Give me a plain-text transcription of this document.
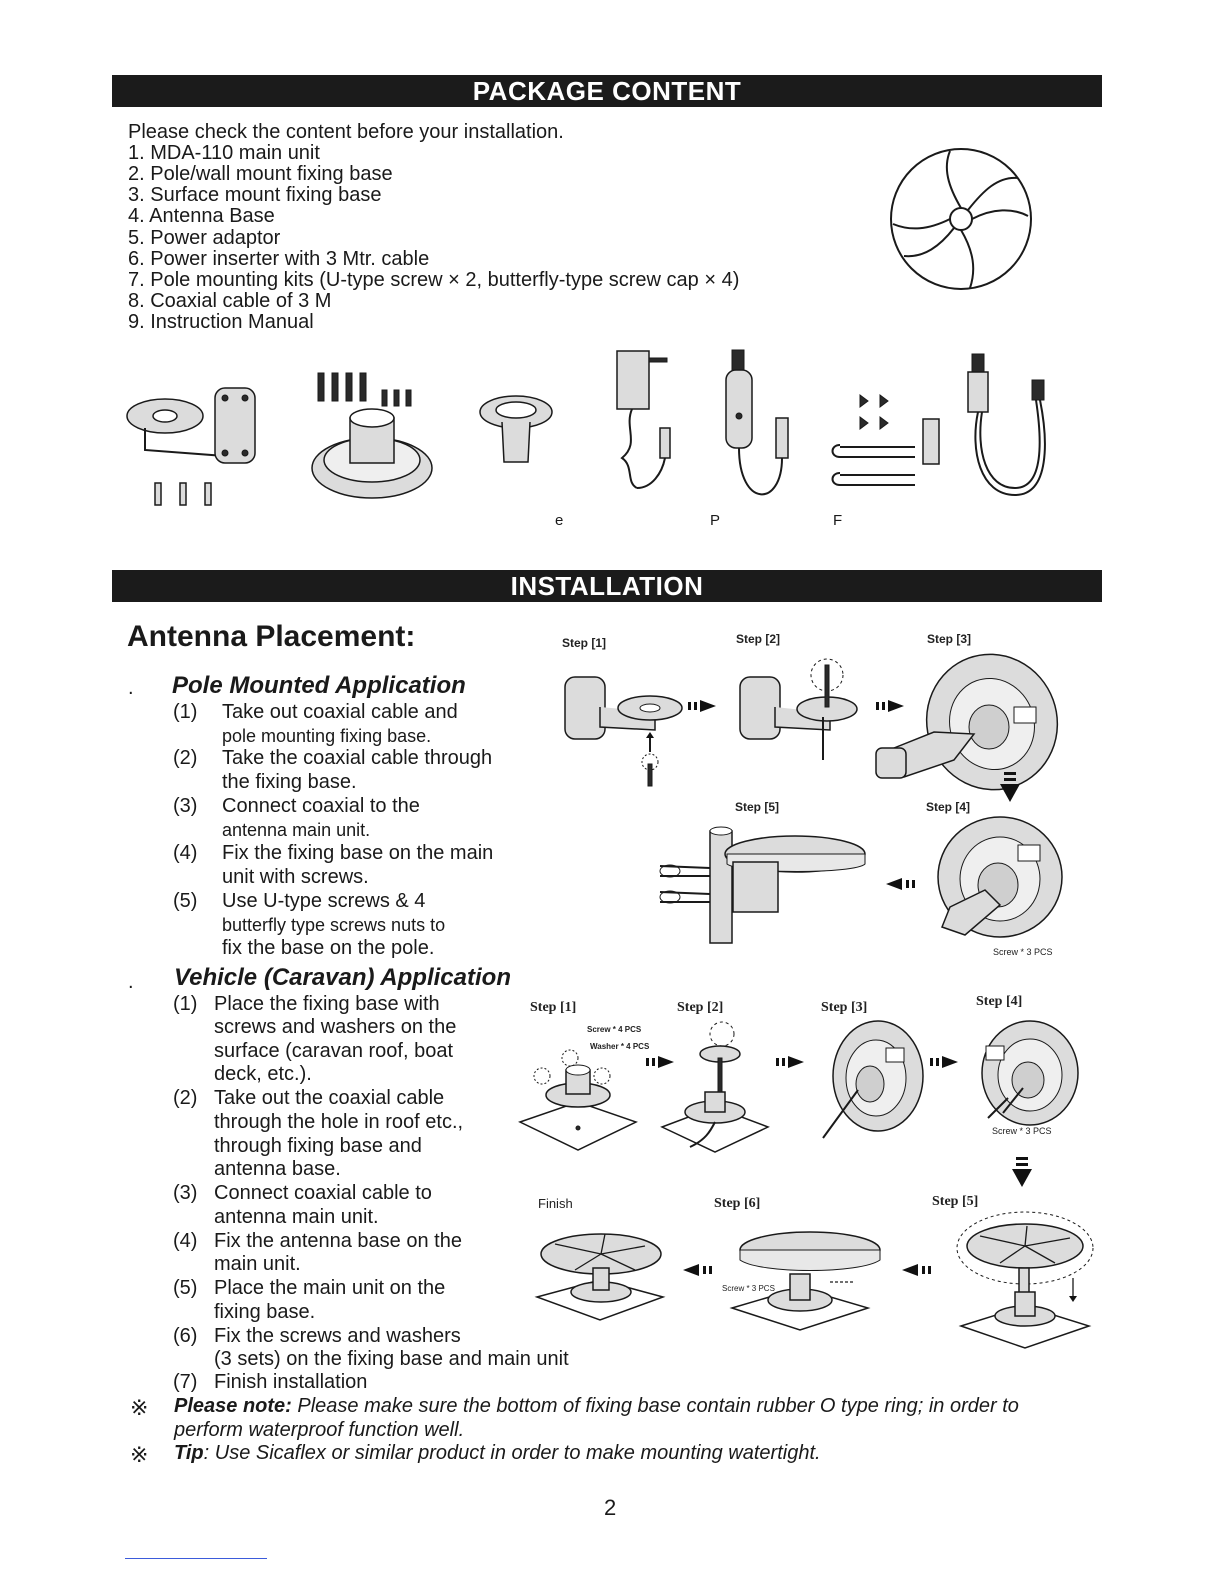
PACKAGE CONTENT
Please check the content before your installation.
1. MDA-110 main unit
2. Pole/wall mount fixing base
3. Surface mount fixing base
4. Antenna Base
5. Power adaptor
6. Power inserter with 3 Mtr. cable
7. Pole mounting kits (U-type screw × 2, butterfly-type screw cap × 4)
8. Coaxial cable of 3 M
9. Instruction Manual
e	P	F
INSTALLATION
Antenna Placement:
. Pole Mounted Application
(1) Take out coaxial cable and
pole mounting fixing base.
(2) Take the coaxial cable through
the fixing base.
(3) Connect coaxial to the
antenna main unit.
(4) Fix the fixing base on the main
unit with screws.
(5) Use U-type screws & 4
butterfly type screws nuts to
fix the base on the pole.
Step [1]	Step [2]	Step [3]
Step [5]	Step [4]
Screw * 3 PCS
. Vehicle (Caravan) Application
(1) Place the fixing base with
screws and washers on the
surface (caravan roof, boat
deck, etc.).
(2) Take out the coaxial cable
through the hole in roof etc.,
through fixing base and
antenna base.
(3) Connect coaxial cable to
antenna main unit.
(4) Fix the antenna base on the
main unit.
(5) Place the main unit on the
fixing base.
(6) Fix the screws and washers
(3 sets) on the fixing base and main unit
(7) Finish installation
Step [1]	Step [2]	Step [3]	Step [4]
Finish	Step [6]	Step [5]
Screw * 4 PCS
Washer * 4 PCS
Screw * 3 PCS
Screw * 3 PCS
※ Please note: Please make sure the bottom of fixing base contain rubber O type ring; in order to
perform waterproof function well.
※ Tip: Use Sicaflex or similar product in order to make mounting watertight.
2
